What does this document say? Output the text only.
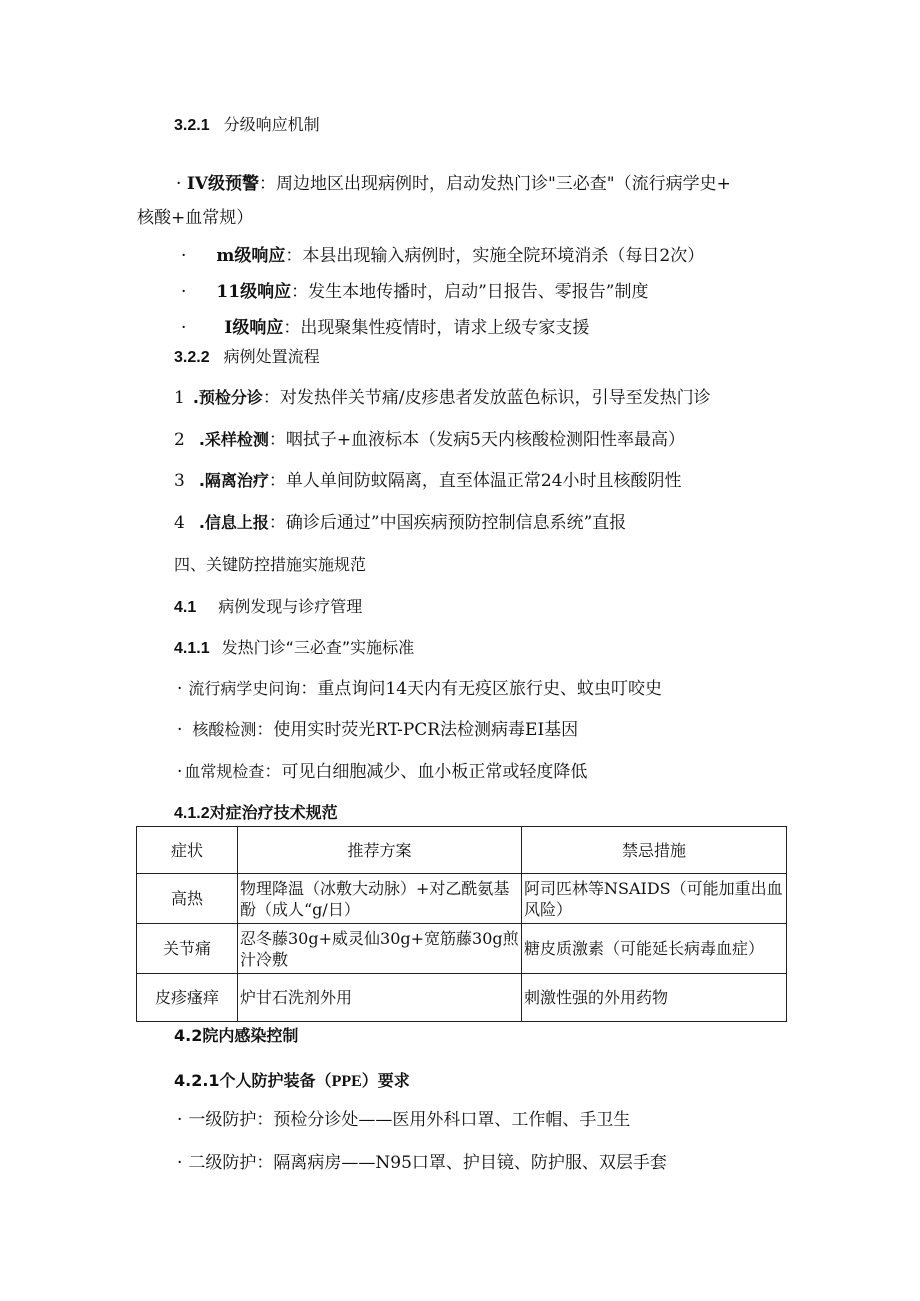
3.2.1 分级响应机制
· IV级预警：周边地区出现病例时，启动发热门诊"三必查"（流行病学史+
核酸+血常规）
· m级响应：本县出现输入病例时，实施全院环境消杀（每日2次）
· 11级响应：发生本地传播时，启动”日报告、零报告”制度
· I级响应：出现聚集性疫情时，请求上级专家支援
3.2.2 病例处置流程
1 .预检分诊：对发热伴关节痛/皮疹患者发放蓝色标识，引导至发热门诊
2 .采样检测：咽拭子+血液标本（发病5天内核酸检测阳性率最高）
3 .隔离治疗：单人单间防蚊隔离，直至体温正常24小时且核酸阴性
4 .信息上报：确诊后通过”中国疾病预防控制信息系统”直报
四、关键防控措施实施规范
4.1 病例发现与诊疗管理
4.1.1 发热门诊“三必查”实施标准
· 流行病学史问询：重点询问14天内有无疫区旅行史、蚊虫叮咬史
· 核酸检测：使用实时荧光RT-PCR法检测病毒EI基因
· 血常规检查：可见白细胞减少、血小板正常或轻度降低
4.1.2对症治疗技术规范
症状	推荐方案	禁忌措施
高热	物理降温（冰敷大动脉）+对乙酰氨基酚（成人“g/日）	阿司匹林等NSAIDS（可能加重出血风险）
关节痛	忍冬藤30g+威灵仙30g+宽筋藤30g煎汁冷敷	糖皮质激素（可能延长病毒血症）
皮疹瘙痒	炉甘石洗剂外用	刺激性强的外用药物
4.2院内感染控制
4.2.1个人防护装备（PPE）要求
· 一级防护：预检分诊处——医用外科口罩、工作帽、手卫生
· 二级防护：隔离病房——N95口罩、护目镜、防护服、双层手套
